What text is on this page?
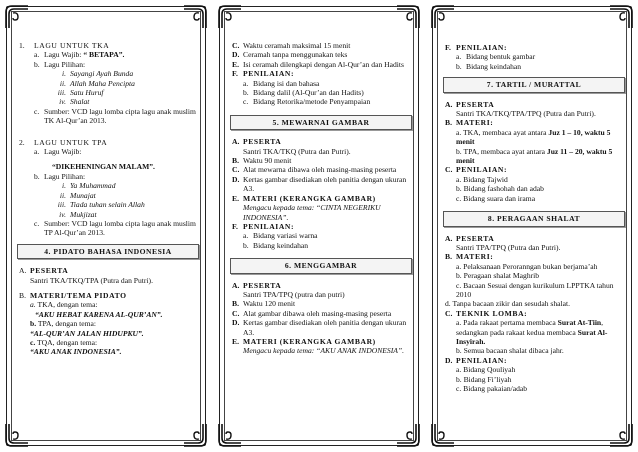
1.	LAGU UNTUK TKA
a. Lagu Wajib: “ BETAPA”.
b. Lagu Pilihan:
i. Sayangi Ayah Bunda
ii. Allah Maha Pencipta
iii. Satu Huruf
iv. Shalat
c. Sumber: VCD lagu lomba cipta lagu anak muslim TK Al-Qur’an 2013.
2.	LAGU UNTUK TPA
a. Lagu Wajib:
“DIKEHENINGAN MALAM”.
b. Lagu Pilihan:
i. Ya Muhammad
ii. Munajat
iii. Tiada tuhan selain Allah
iv. Mukjizat
c. Sumber: VCD lagu lomba cipta lagu anak muslim TP Al-Qur’an 2013.
4. PIDATO BAHASA INDONESIA
A. PESERTA
Santri TKA/TKQ/TPA (Putra dan Putri).
B. MATERI/TEMA PIDATO
a. TKA, dengan tema:
“AKU HEBAT KARENA AL-QUR’AN”.
b. TPA, dengan tema:
“AL-QUR’AN JALAN HIDUPKU”.
c. TQA, dengan tema:
“AKU ANAK INDONESIA”.
C. Waktu ceramah maksimal 15 menit
D. Ceramah tanpa menggunakan teks
E. Isi ceramah dilengkapi dengan Al-Qur’an dan Hadits
F. PENILAIAN:
a. Bidang isi dan bahasa
b. Bidang dalil (Al-Qur’an dan Hadits)
c. Bidang Retorika/metode Penyampaian
5. MEWARNAI GAMBAR
A. PESERTA
Santri TKA/TKQ (Putra dan Putri).
B. Waktu 90 menit
C. Alat mewarna dibawa oleh masing-masing peserta
D. Kertas gambar disediakan oleh panitia dengan ukuran A3.
E. MATERI (KERANGKA GAMBAR)
Mengacu kepada tema: “CINTA NEGERIKU INDONESIA”.
F. PENILAIAN:
a. Bidang variasi warna
b. Bidang keindahan
6. MENGGAMBAR
A. PESERTA
Santri TPA/TPQ (putra dan putri)
B. Waktu 120 menit
C. Alat gambar dibawa oleh masing-masing peserta
D. Kertas gambar disediakan oleh panitia dengan ukuran A3.
E. MATERI (KERANGKA GAMBAR)
Mengacu kepada tema: “AKU ANAK INDONESIA”.
F. PENILAIAN:
a. Bidang bentuk gambar
b. Bidang keindahan
7. TARTIL / MURATTAL
A. PESERTA
Santri TKA/TKQ/TPA/TPQ (Putra dan Putri).
B. MATERI:
a. TKA, membaca ayat antara Juz 1 – 10, waktu 5 menit
b. TPA, membaca ayat antara Juz 11 – 20, waktu 5 menit
C. PENILAIAN:
a. Bidang Tajwid
b. Bidang fashohah dan adab
c. Bidang suara dan irama
8. PERAGAAN SHALAT
A. PESERTA
Santri TPA/TPQ (Putra dan Putri).
B. MATERI:
a. Pelaksanaan Peroranngan bukan berjama’ah
b. Peragaan shalat Maghrib
c. Bacaan Sesuai dengan kurikulum LPPTKA tahun 2010
d. Tanpa bacaan zikir dan sesudah shalat.
C. TEKNIK LOMBA:
a. Pada rakaat pertama membaca Surat At-Tiin, sedangkan pada rakaat kedua membaca Surat Al-Insyirah.
b. Semua bacaan shalat dibaca jahr.
D. PENILAIAN:
a. Bidang Qouliyah
b. Bidang Fi’liyah
c. Bidang pakaian/adab
